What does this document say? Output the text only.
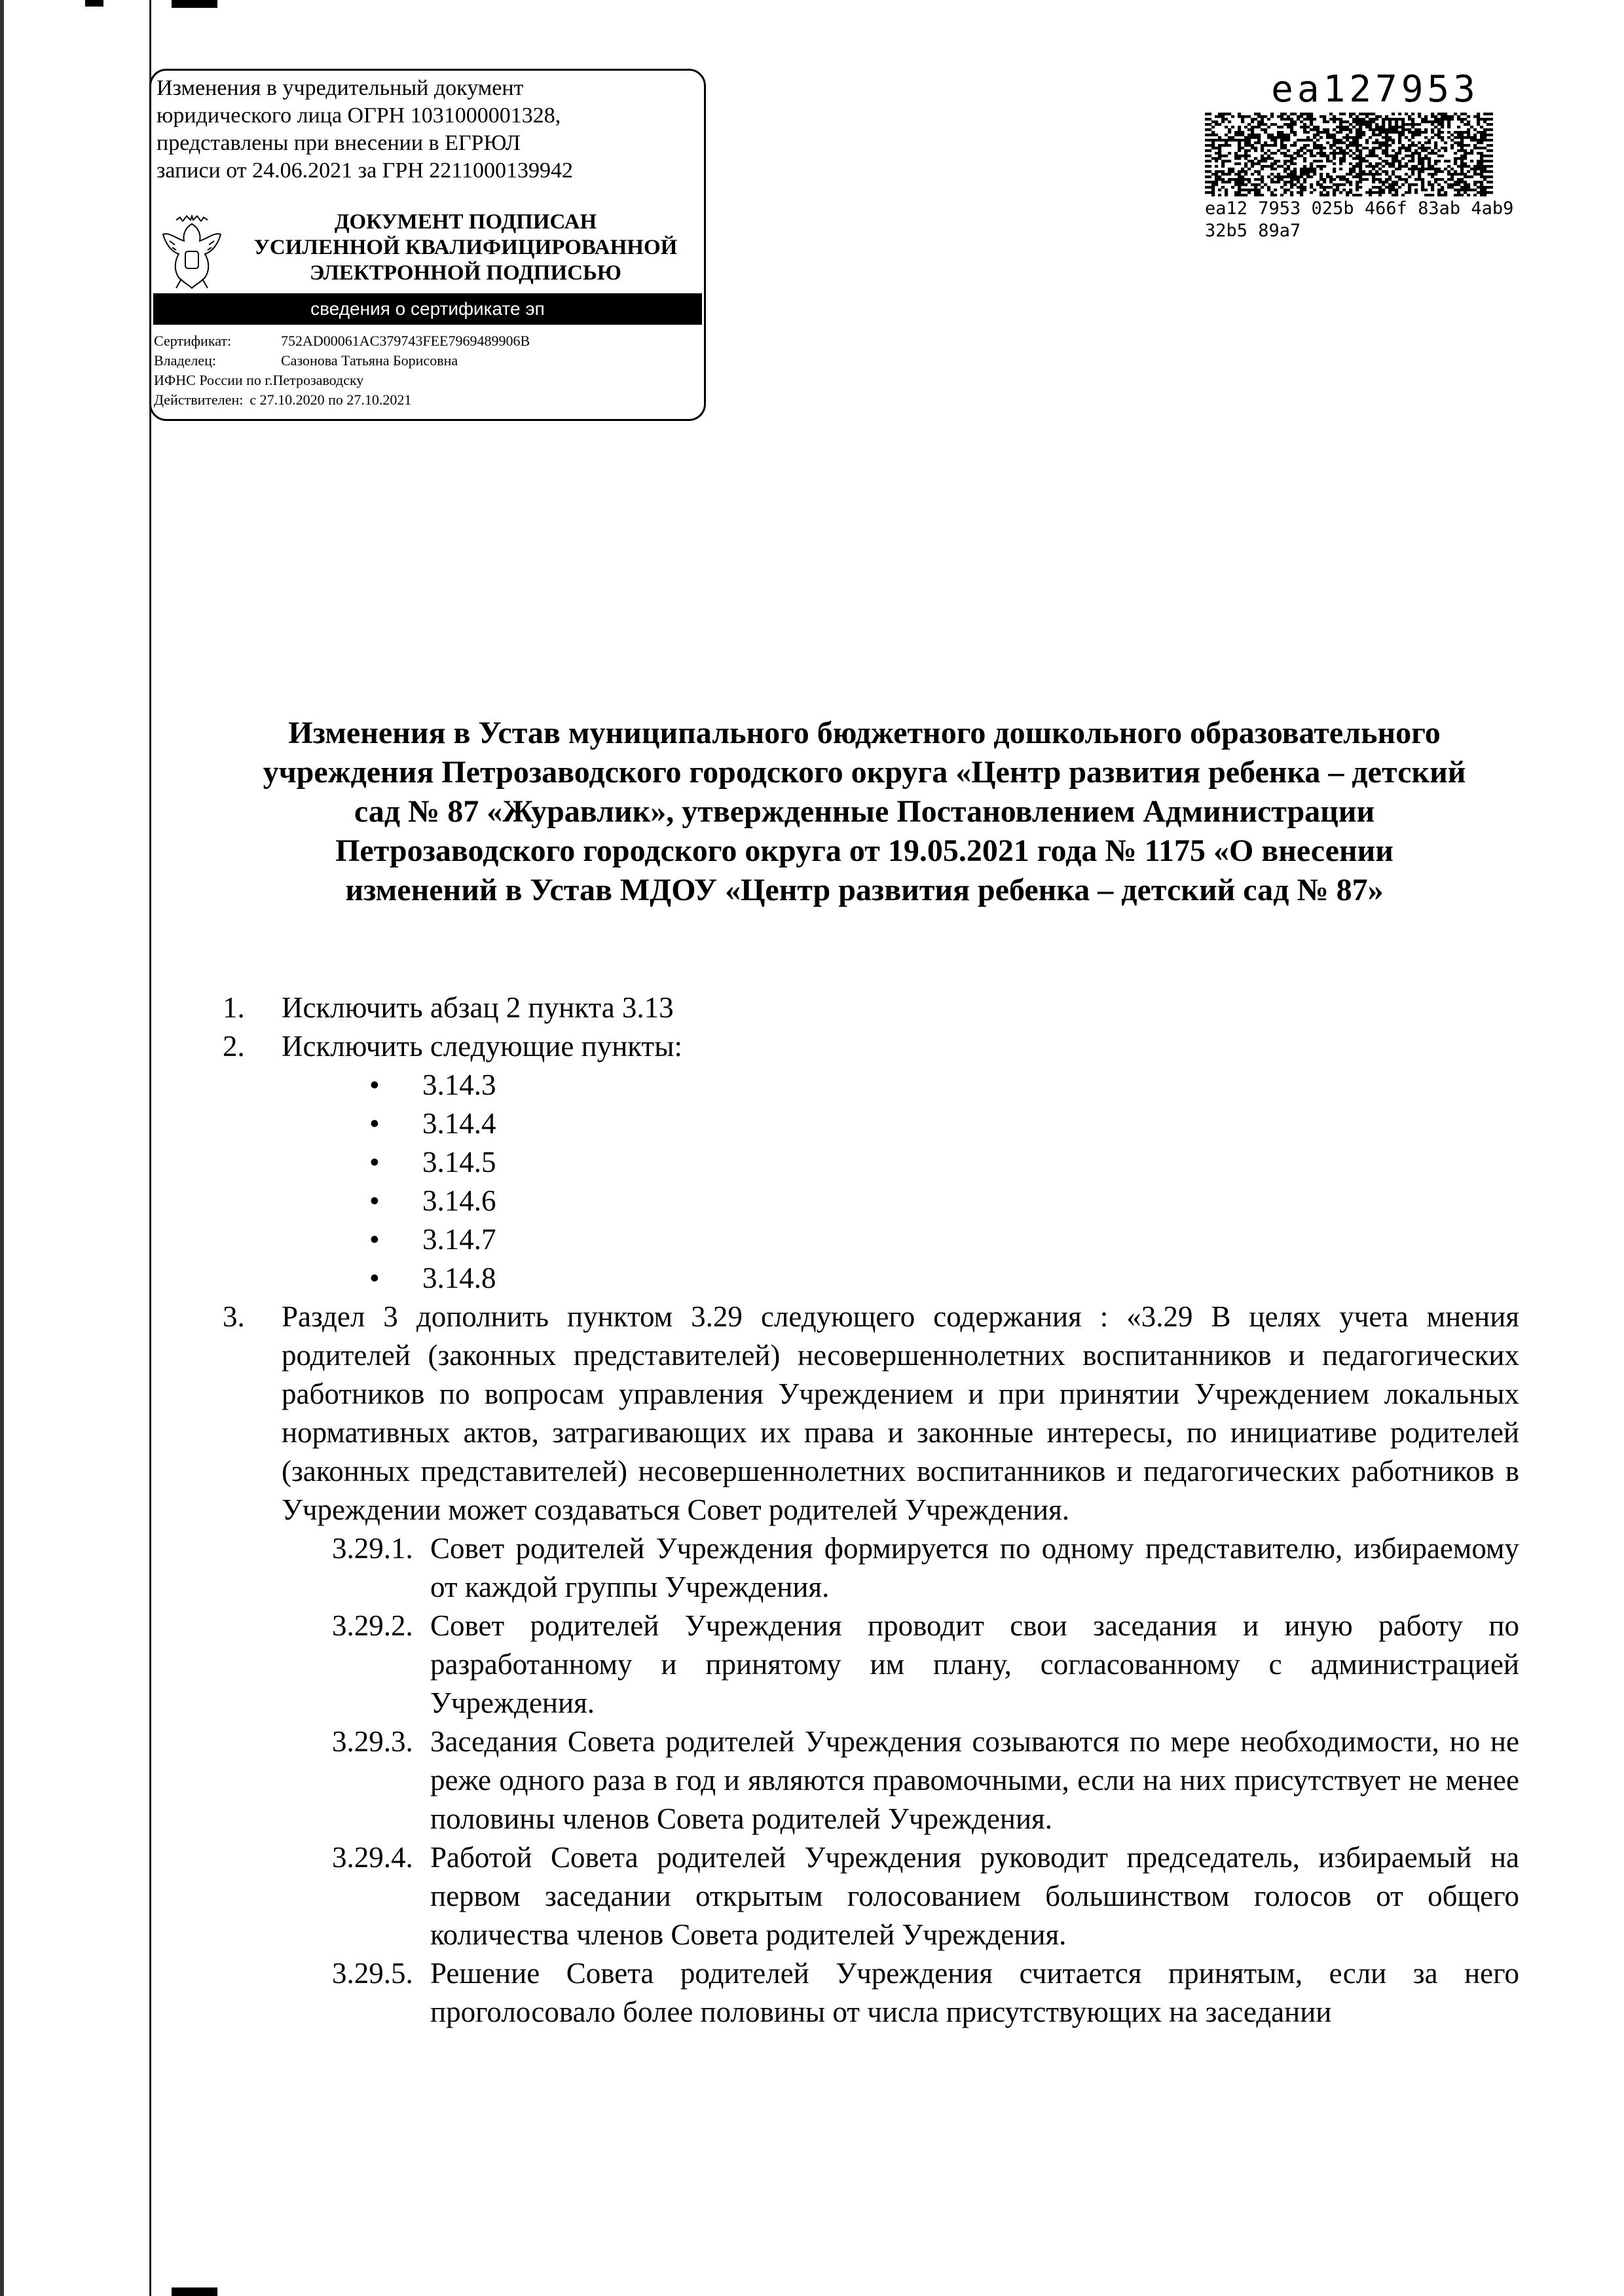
Изменения в учредительный документ
юридического лица ОГРН 1031000001328,
представлены при внесении в ЕГРЮЛ
записи от 24.06.2021 за ГРН 2211000139942
ДОКУМЕНТ ПОДПИСАН
УСИЛЕННОЙ КВАЛИФИЦИРОВАННОЙ
ЭЛЕКТРОННОЙ ПОДПИСЬЮ
сведения о сертификате эп
Сертификат:	752AD00061AC379743FEE7969489906B
Владелец:	Сазонова Татьяна Борисовна
ИФНС России по г.Петрозаводску
Действителен: с 27.10.2020 по 27.10.2021
ea127953
ea12 7953 025b 466f 83ab 4ab9 32b5 89a7
Изменения в Устав муниципального бюджетного дошкольного образовательного
учреждения Петрозаводского городского округа «Центр развития ребенка – детский
сад № 87 «Журавлик», утвержденные Постановлением Администрации
Петрозаводского городского округа от 19.05.2021 года № 1175 «О внесении
изменений в Устав МДОУ «Центр развития ребенка – детский сад № 87»
1.	Исключить абзац 2 пункта 3.13
2.	Исключить следующие пункты:
•	3.14.3
•	3.14.4
•	3.14.5
•	3.14.6
•	3.14.7
•	3.14.8
3.	Раздел 3 дополнить пунктом 3.29 следующего содержания : «3.29 В целях учета мнения родителей (законных представителей) несовершеннолетних воспитанников и педагогических работников по вопросам управления Учреждением и при принятии Учреждением локальных нормативных актов, затрагивающих их права и законные интересы, по инициативе родителей (законных представителей) несовершеннолетних воспитанников и педагогических работников в Учреждении может создаваться Совет родителей Учреждения.
3.29.1. Совет родителей Учреждения формируется по одному представителю, избираемому от каждой группы Учреждения.
3.29.2. Совет родителей Учреждения проводит свои заседания и иную работу по разработанному и принятому им плану, согласованному с администрацией Учреждения.
3.29.3. Заседания Совета родителей Учреждения созываются по мере необходимости, но не реже одного раза в год и являются правомочными, если на них присутствует не менее половины членов Совета родителей Учреждения.
3.29.4. Работой Совета родителей Учреждения руководит председатель, избираемый на первом заседании открытым голосованием большинством голосов от общего количества членов Совета родителей Учреждения.
3.29.5. Решение Совета родителей Учреждения считается принятым, если за него проголосовало более половины от числа присутствующих на заседании
